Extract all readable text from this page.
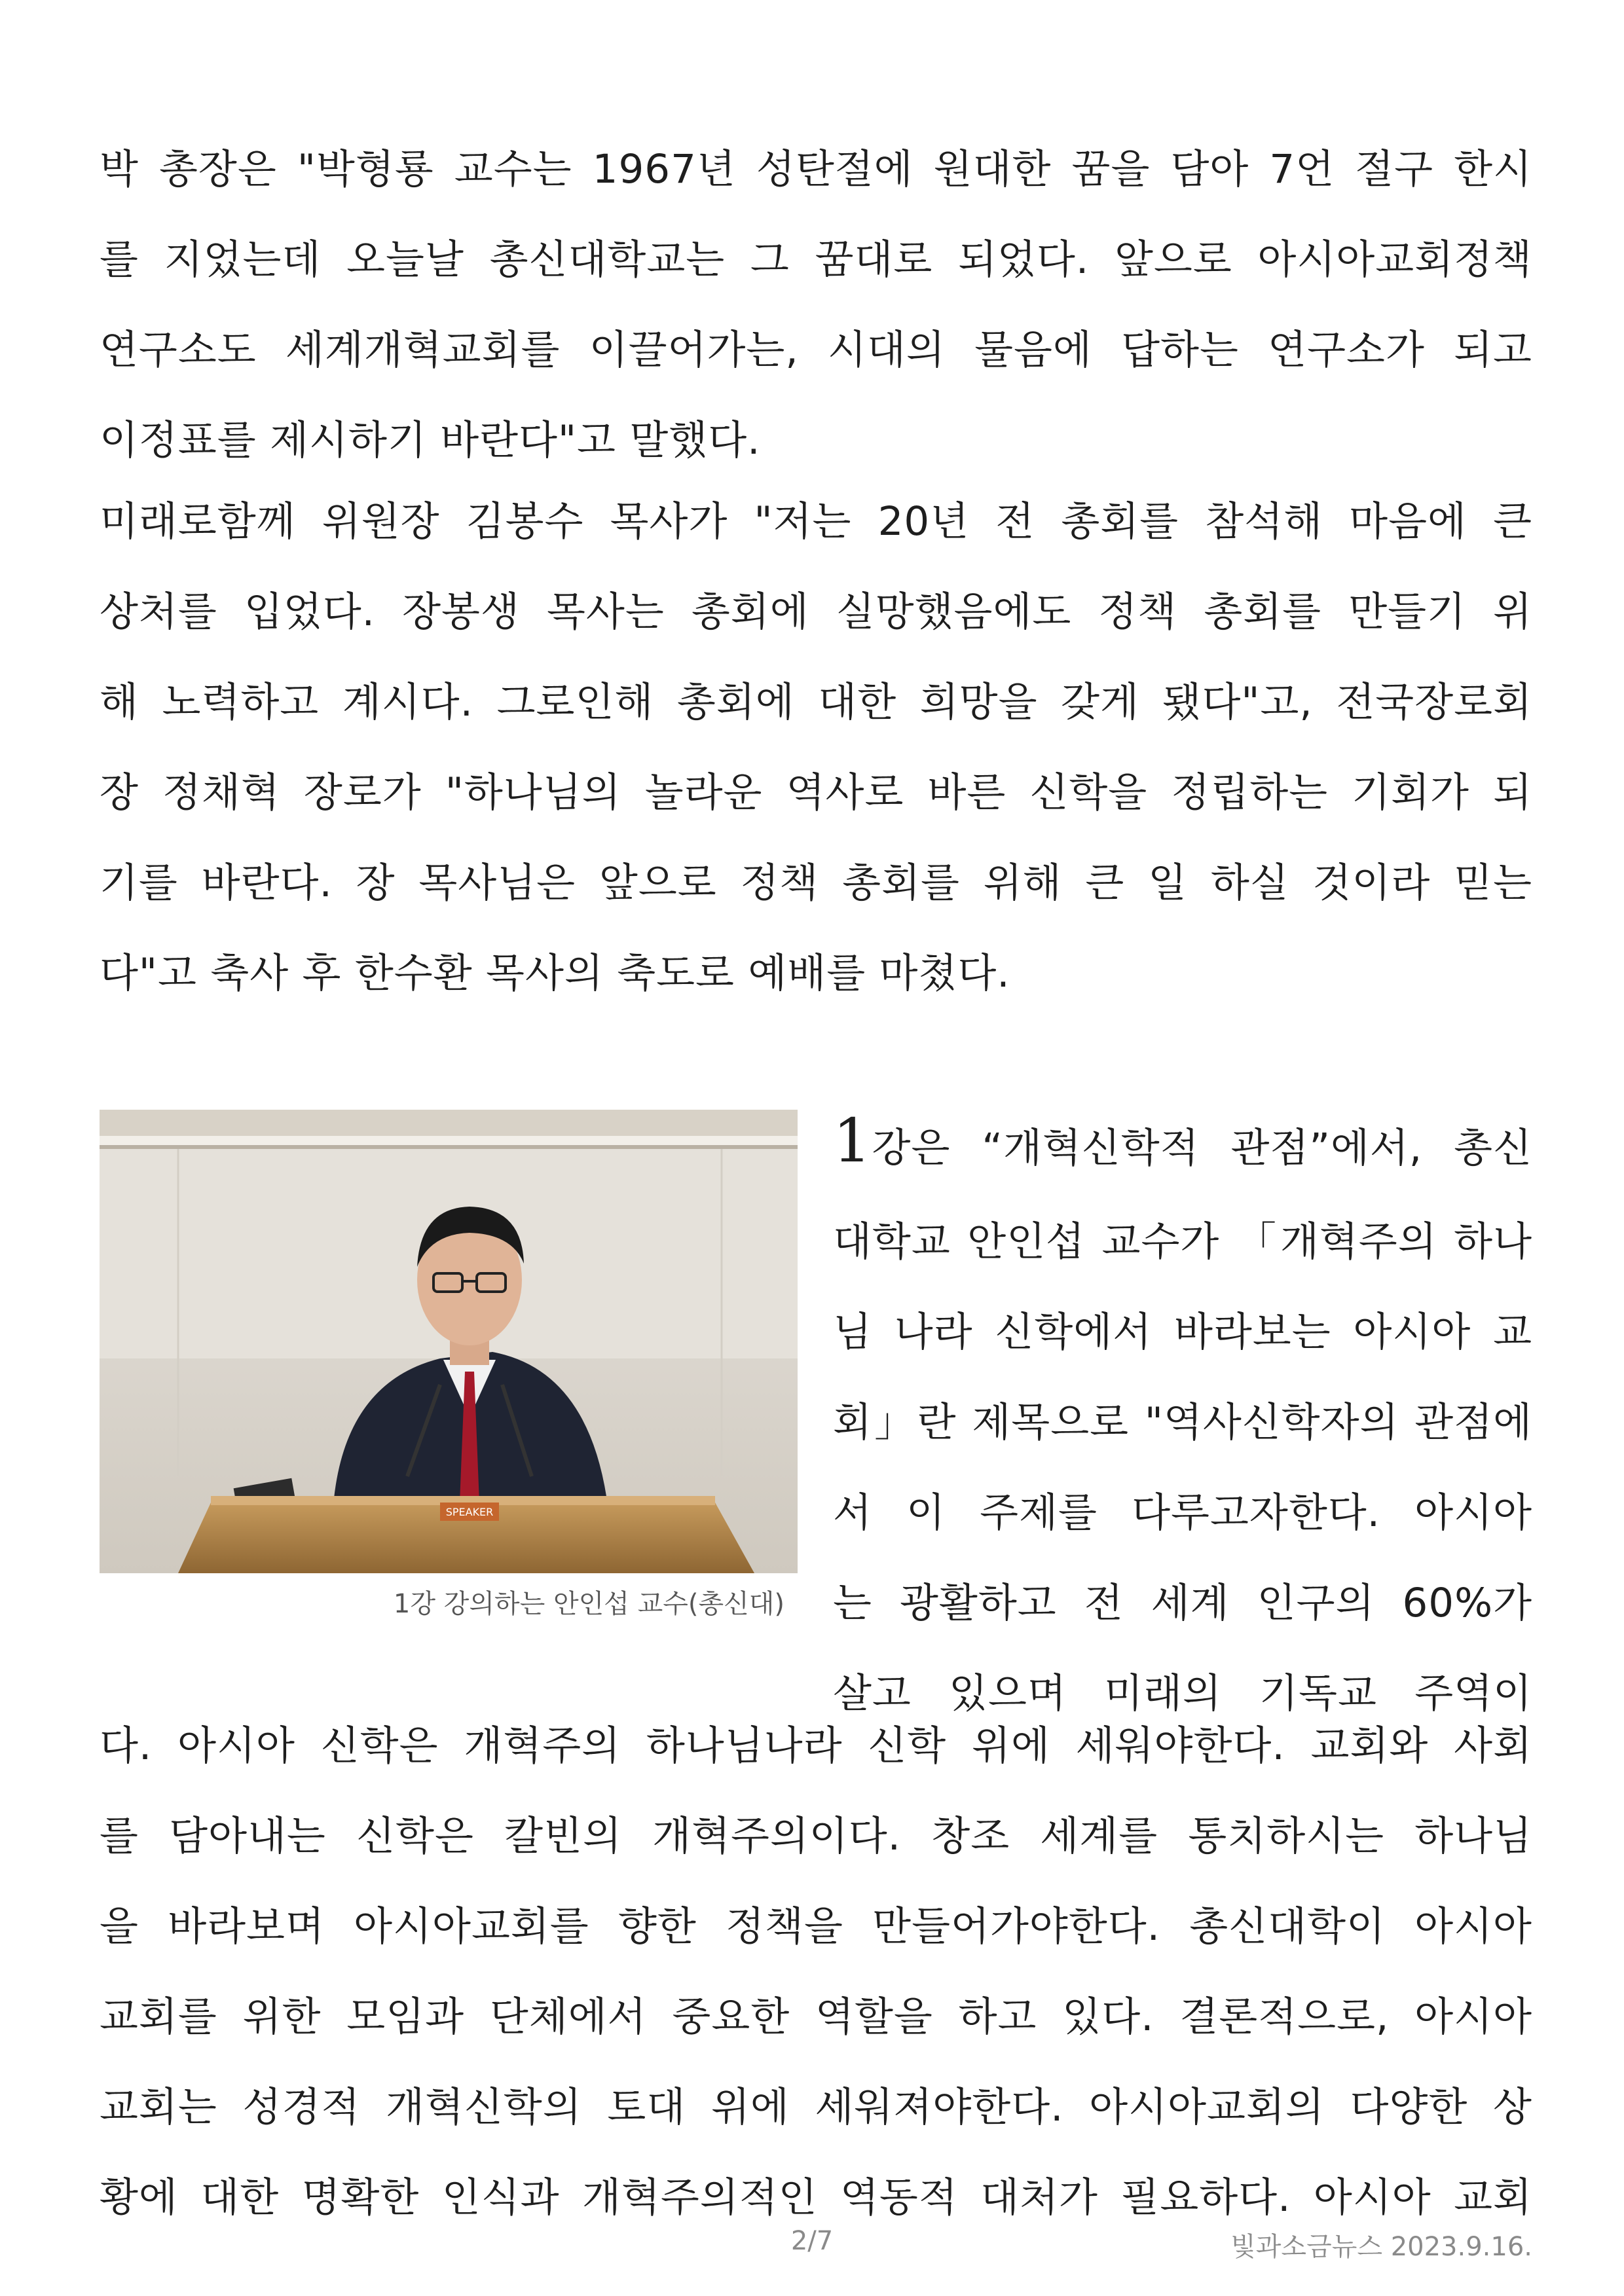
박 총장은 "박형룡 교수는 1967년 성탄절에 원대한 꿈을 담아 7언 절구 한시
를 지었는데 오늘날 총신대학교는 그 꿈대로 되었다. 앞으로 아시아교회정책
연구소도 세계개혁교회를 이끌어가는, 시대의 물음에 답하는 연구소가 되고
이정표를 제시하기 바란다"고 말했다.
미래로함께 위원장 김봉수 목사가 "저는 20년 전 총회를 참석해 마음에 큰
상처를 입었다. 장봉생 목사는 총회에 실망했음에도 정책 총회를 만들기 위
해 노력하고 계시다. 그로인해 총회에 대한 희망을 갖게 됐다"고, 전국장로회
장 정채혁 장로가 "하나님의 놀라운 역사로 바른 신학을 정립하는 기회가 되
기를 바란다. 장 목사님은 앞으로 정책 총회를 위해 큰 일 하실 것이라 믿는
다"고 축사 후 한수환 목사의 축도로 예배를 마쳤다.
SPEAKER
1강 강의하는 안인섭 교수(총신대)
1강은 “개혁신학적 관점”에서, 총신
대학교 안인섭 교수가 「개혁주의 하나
님 나라 신학에서 바라보는 아시아 교
회」란 제목으로 "역사신학자의 관점에
서 이 주제를 다루고자한다. 아시아
는 광활하고 전 세계 인구의 60%가
살고 있으며 미래의 기독교 주역이
다. 아시아 신학은 개혁주의 하나님나라 신학 위에 세워야한다. 교회와 사회
를 담아내는 신학은 칼빈의 개혁주의이다. 창조 세계를 통치하시는 하나님
을 바라보며 아시아교회를 향한 정책을 만들어가야한다. 총신대학이 아시아
교회를 위한 모임과 단체에서 중요한 역할을 하고 있다. 결론적으로, 아시아
교회는 성경적 개혁신학의 토대 위에 세워져야한다. 아시아교회의 다양한 상
황에 대한 명확한 인식과 개혁주의적인 역동적 대처가 필요하다. 아시아 교회
2/7	빛과소금뉴스 2023.9.16.
